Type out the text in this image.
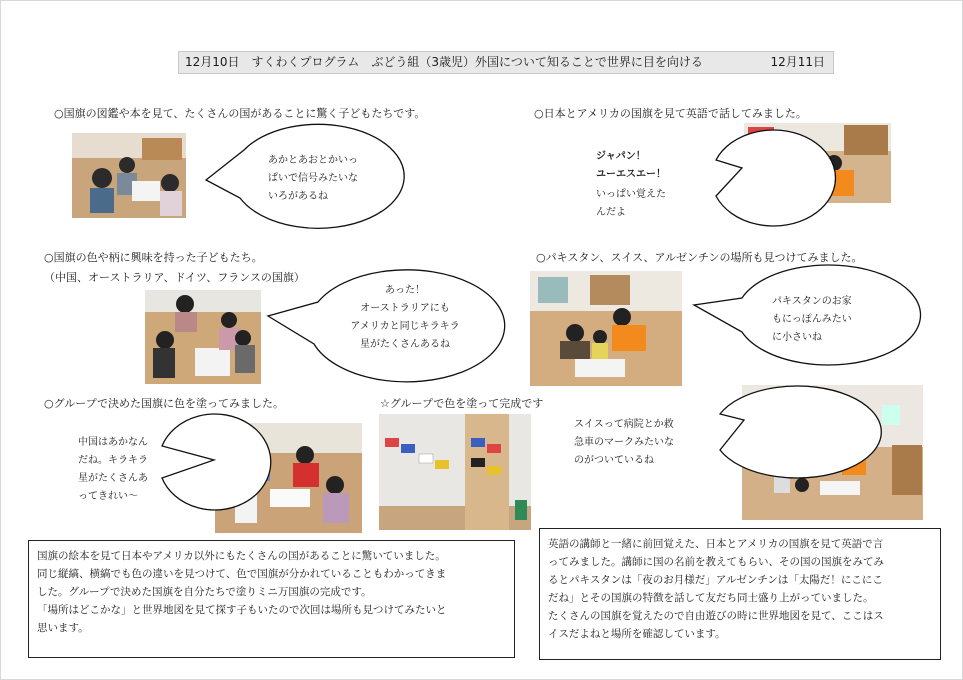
12月10日　すくわくプログラム　ぶどう組（3歳児）外国について知ることで世界に目を向ける	12月11日
○国旗の図鑑や本を見て、たくさんの国があることに驚く子どもたちです。	○日本とアメリカの国旗を見て英語で話してみました。
○国旗の色や柄に興味を持った子どもたち。
（中国、オーストラリア、ドイツ、フランスの国旗）
○パキスタン、スイス、アルゼンチンの場所も見つけてみました。
○グループで決めた国旗に色を塗ってみました。	☆グループで色を塗って完成です
あかとあおとかいっ
ぱいで信号みたいな
いろがあるね
ジャパン！
ユーエスエー！
いっぱい覚えた
んだよ
あった！
オーストラリアにも
アメリカと同じキラキラ
星がたくさんあるね
パキスタンのお家
もにっぽんみたい
に小さいね
中国はあかなん
だね。キラキラ
星がたくさんあ
ってきれい～
スイスって病院とか救
急車のマークみたいな
のがついているね

国旗の絵本を見て日本やアメリカ以外にもたくさんの国があることに驚いていました。

同じ縦縞、横縞でも色の違いを見つけて、色で国旗が分かれていることもわかってきま

した。グループで決めた国旗を自分たちで塗りミニ万国旗の完成です。

「場所はどこかな」と世界地図を見て探す子もいたので次回は場所も見つけてみたいと

思います。

英語の講師と一緒に前回覚えた、日本とアメリカの国旗を見て英語で言

ってみました。講師に国の名前を教えてもらい、その国の国旗をみてみ

るとパキスタンは「夜のお月様だ」アルゼンチンは「太陽だ！にこにこ

だね」とその国旗の特徴を話して友だち同士盛り上がっていました。

たくさんの国旗を覚えたので自由遊びの時に世界地図を見て、ここはス

イスだよねと場所を確認しています。
